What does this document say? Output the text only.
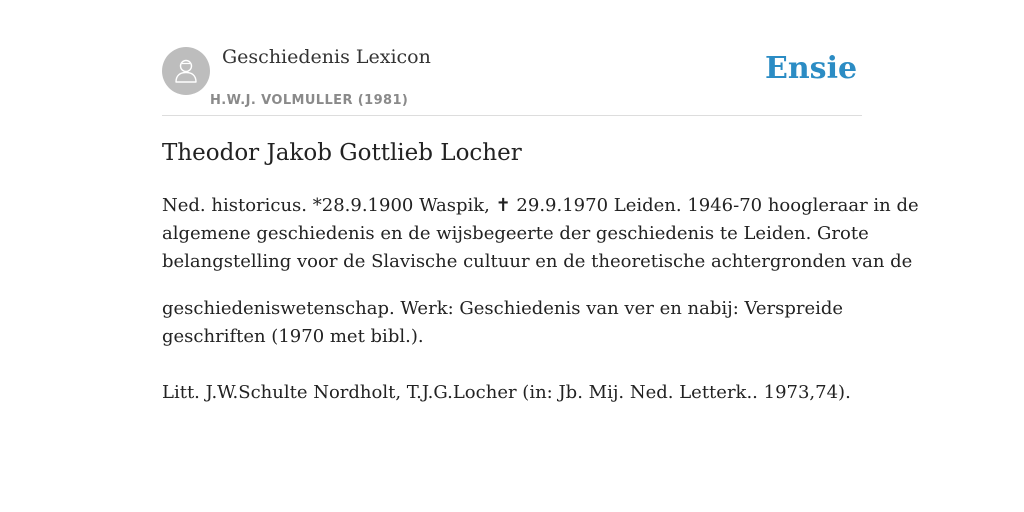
Geschiedenis Lexicon
H.W.J. VOLMULLER (1981)
Ensie
Theodor Jakob Gottlieb Locher

Ned. historicus. *28.9.1900 Waspik, ✝ 29.9.1970 Leiden. 1946-70 hoogleraar in de
algemene geschiedenis en de wijsbegeerte der geschiedenis te Leiden. Grote
belangstelling voor de Slavische cultuur en de theoretische achtergronden van de

geschiedeniswetenschap. Werk: Geschiedenis van ver en nabij: Verspreide
geschriften (1970 met bibl.).

Litt. J.W.Schulte Nordholt, T.J.G.Locher (in: Jb. Mij. Ned. Letterk.. 1973,74).
